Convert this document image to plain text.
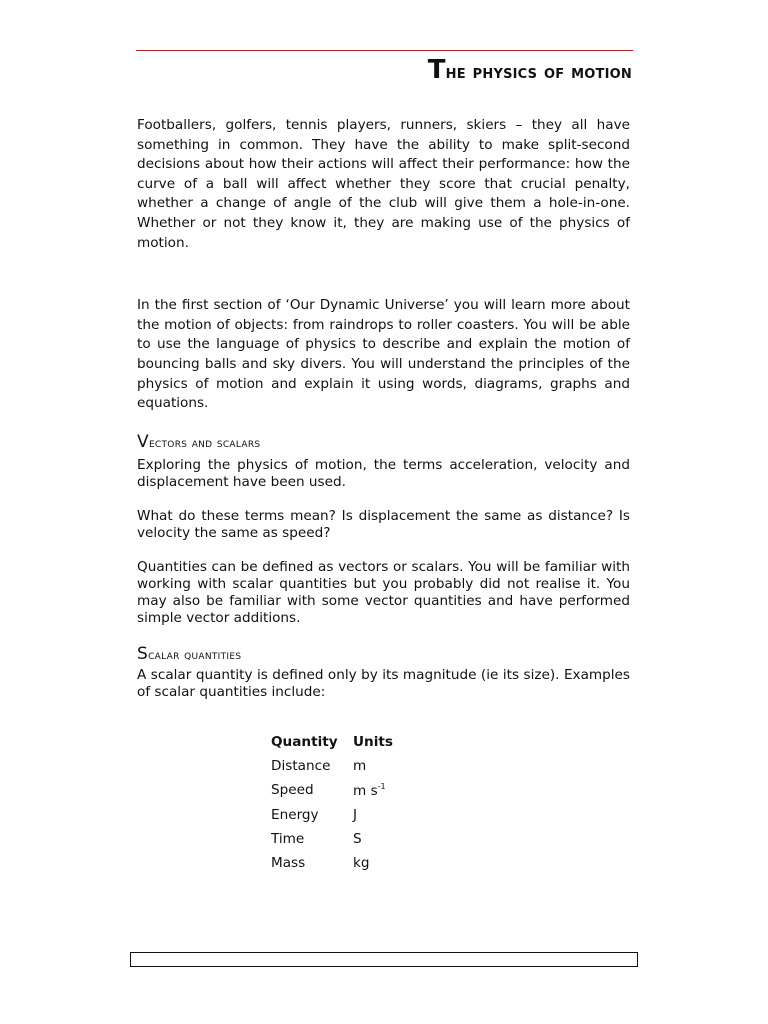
The physics of motion

Footballers, golfers, tennis players, runners, skiers – they all have something in common. They have the ability to make split-second decisions about how their actions will affect their performance: how the curve of a ball will affect whether they score that crucial penalty, whether a change of angle of the club will give them a hole-in-one. Whether or not they know it, they are making use of the physics of motion.

In the first section of ‘Our Dynamic Universe’ you will learn more about the motion of objects: from raindrops to roller coasters. You will be able to use the language of physics to describe and explain the motion of bouncing balls and sky divers. You will understand the principles of the physics of motion and explain it using words, diagrams, graphs and equations.

Vectors and scalars

Exploring the physics of motion, the terms acceleration, velocity and displacement have been used.

What do these terms mean? Is displacement the same as distance? Is velocity the same as speed?

Quantities can be defined as vectors or scalars. You will be familiar with working with scalar quantities but you probably did not realise it. You may also be familiar with some vector quantities and have performed simple vector additions.

Scalar quantities

A scalar quantity is defined only by its magnitude (ie its size). Examples of scalar quantities include:

Quantity	Units
Distance	m
Speed	m $s^{-1}$
Energy	J
Time	S
Mass	kg
